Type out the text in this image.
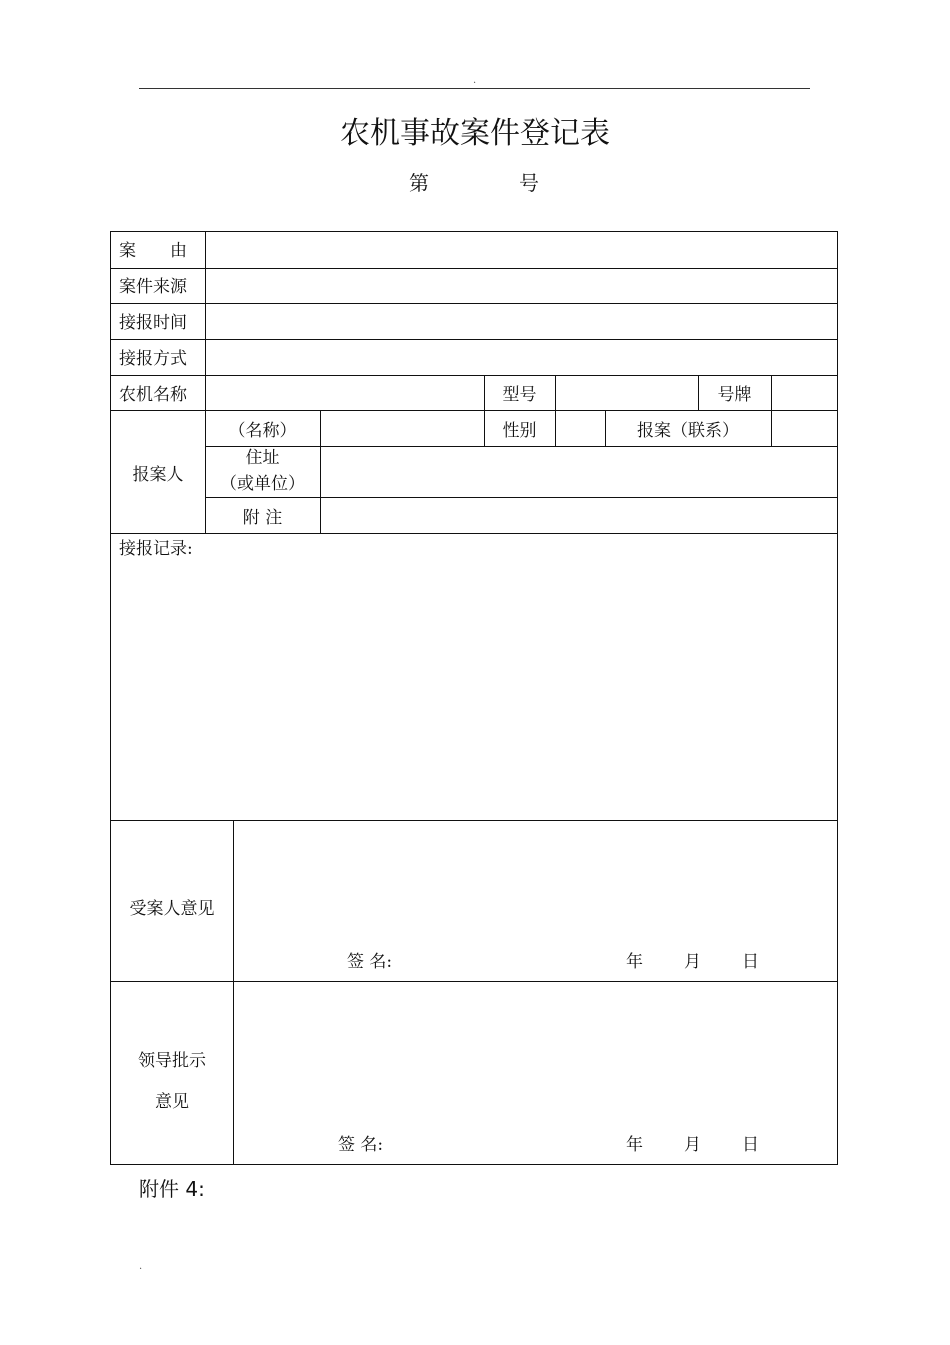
.
农机事故案件登记表
第	号
案　　由
案件来源
接报时间
接报方式
农机名称	型号	号牌
报案人
（名称）	性别	报案（联系）
住址
（或单位）
附 注
接报记录:
受案人意见
签 名:	年 月 日
领导批示
意见
签 名:	年 月 日
附件 4:
.
